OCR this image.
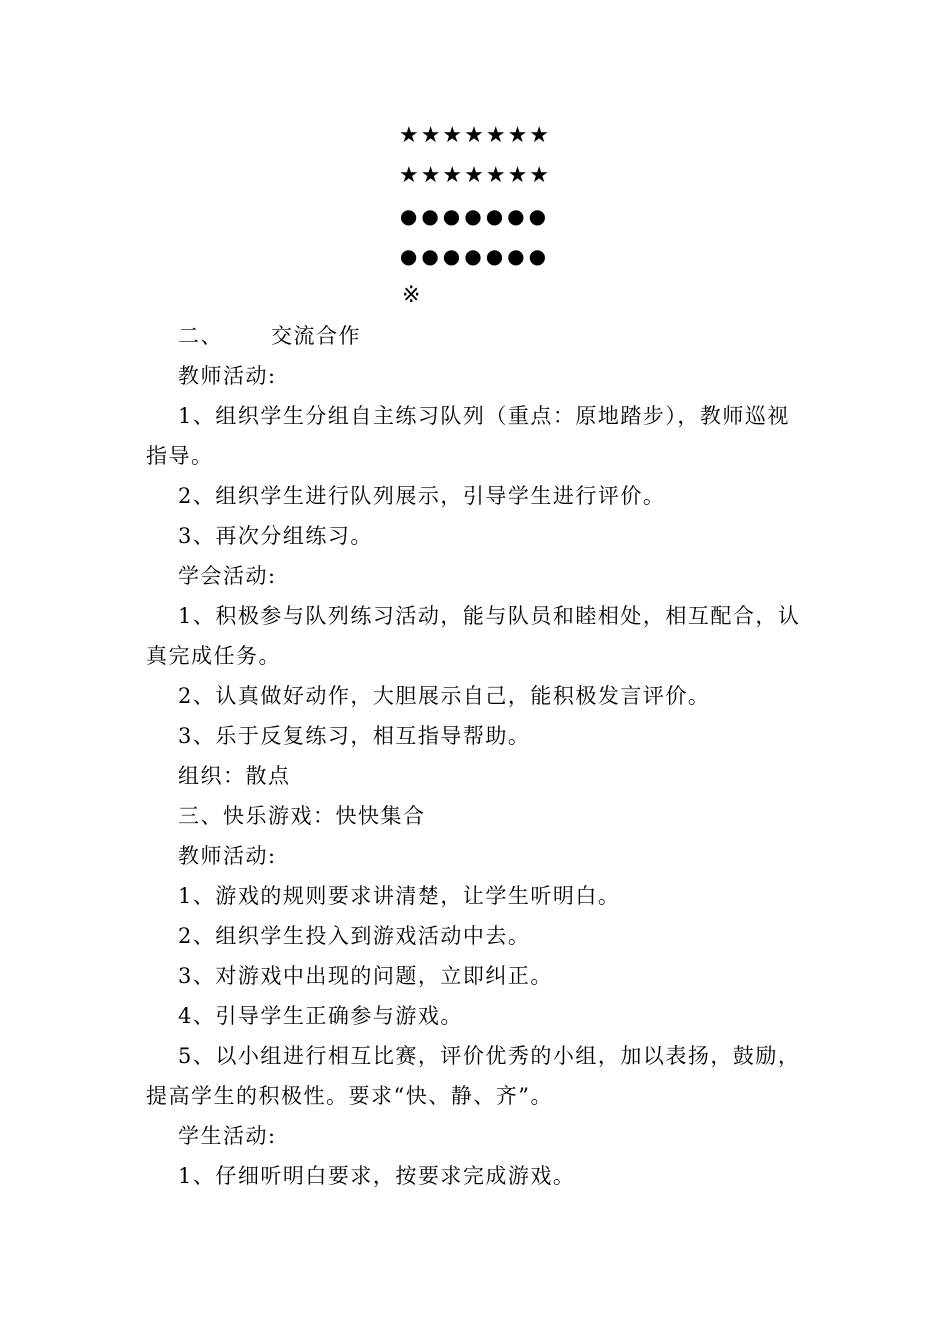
★★★★★★★
★★★★★★★
●●●●●●●
●●●●●●●
※
二、 交流合作
教师活动:
1、组织学生分组自主练习队列（重点：原地踏步），教师巡视
指导。
2、组织学生进行队列展示，引导学生进行评价。
3、再次分组练习。
学会活动:
1、积极参与队列练习活动，能与队员和睦相处，相互配合，认
真完成任务。
2、认真做好动作，大胆展示自己，能积极发言评价。
3、乐于反复练习，相互指导帮助。
组织：散点
三、快乐游戏：快快集合
教师活动:
1、游戏的规则要求讲清楚，让学生听明白。
2、组织学生投入到游戏活动中去。
3、对游戏中出现的问题，立即纠正。
4、引导学生正确参与游戏。
5、以小组进行相互比赛，评价优秀的小组，加以表扬，鼓励，
提高学生的积极性。要求“快、静、齐”。
学生活动:
1、仔细听明白要求，按要求完成游戏。
